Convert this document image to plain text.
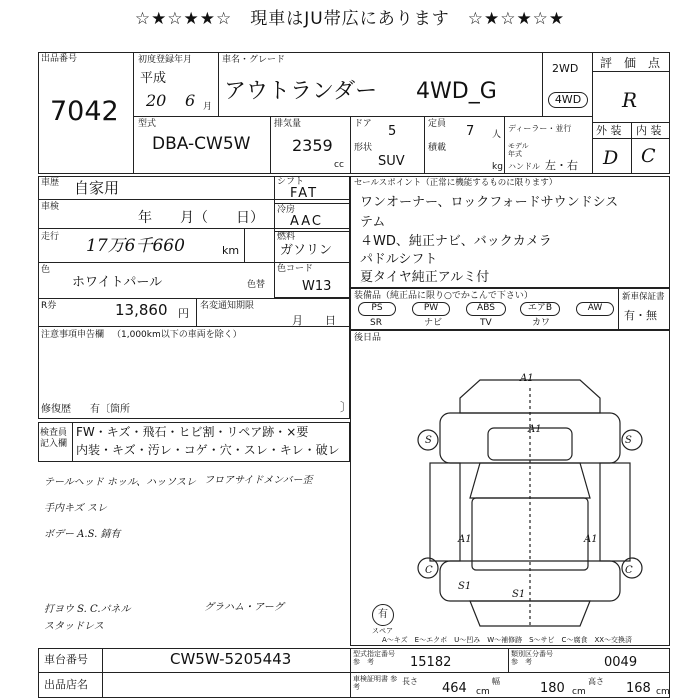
☆★☆★★☆　現車はJU帯広にあります　☆★☆★☆★
出品番号
7042
初度登録年月
平成
20 6 月
車名・グレード
アウトランダー 4WD_G
2WD
4WD
評　価　点
R
外 装 内 装
D C
型式
DBA-CW5W
排気量
2359
cc
ドア 5
形状
SUV
定員 7 人
積載
kg
ディーラー・並行
モデル 年式
ハンドル 左・右
車歴 自家用
車検
年　　月（　　日）
走行 17万6千660	km
色
ホワイトパール	色替
R券	13,860 円
名変通知期限
月　　日
注意事項申告欄 （1,000km以下の車両を除く）
修復歴 有〔箇所	〕
シフト
FAT
冷房
AAC
燃料
ガソリン
色コード
W13
セールスポイント（正常に機能するものに限ります）
ワンオーナー、ロックフォードサウンドシス
テム
４WD、純正ナビ、バックカメラ
パドルシフト
夏タイヤ純正アルミ付
装備品（純正品に限り○でかこんで下さい）
PS	PW	ABS	エアB	AW
SR	ナビ	TV	カワ
新車保証書
有・無
後日品
A1
A1
S	S
A1	A1
S1
S1
C	C
有
スペア
A～キズ　E～エクボ　U～凹み　W～補修跡　S～サビ　C～腐食　XX～交換済
検査員 記入欄
FW・キズ・飛石・ヒビ割・リペア跡・×要
内装・キズ・汚レ・コゲ・穴・スレ・キレ・破レ
テールヘッド ホッル、ハッソスレ フロアサイドメンバー歪
手内キズ スレ
ボデー A.S. 錆有
打ヨウ S. C.パネル	グラハム・アーグ
スタッドレス
車台番号	CW5W-5205443
出品店名
型式指定番号 参　考	15182
類別区分番号 参　考	0049
車検証明書 参　考
長さ 464 cm
幅	180 cm
高さ 168 cm
